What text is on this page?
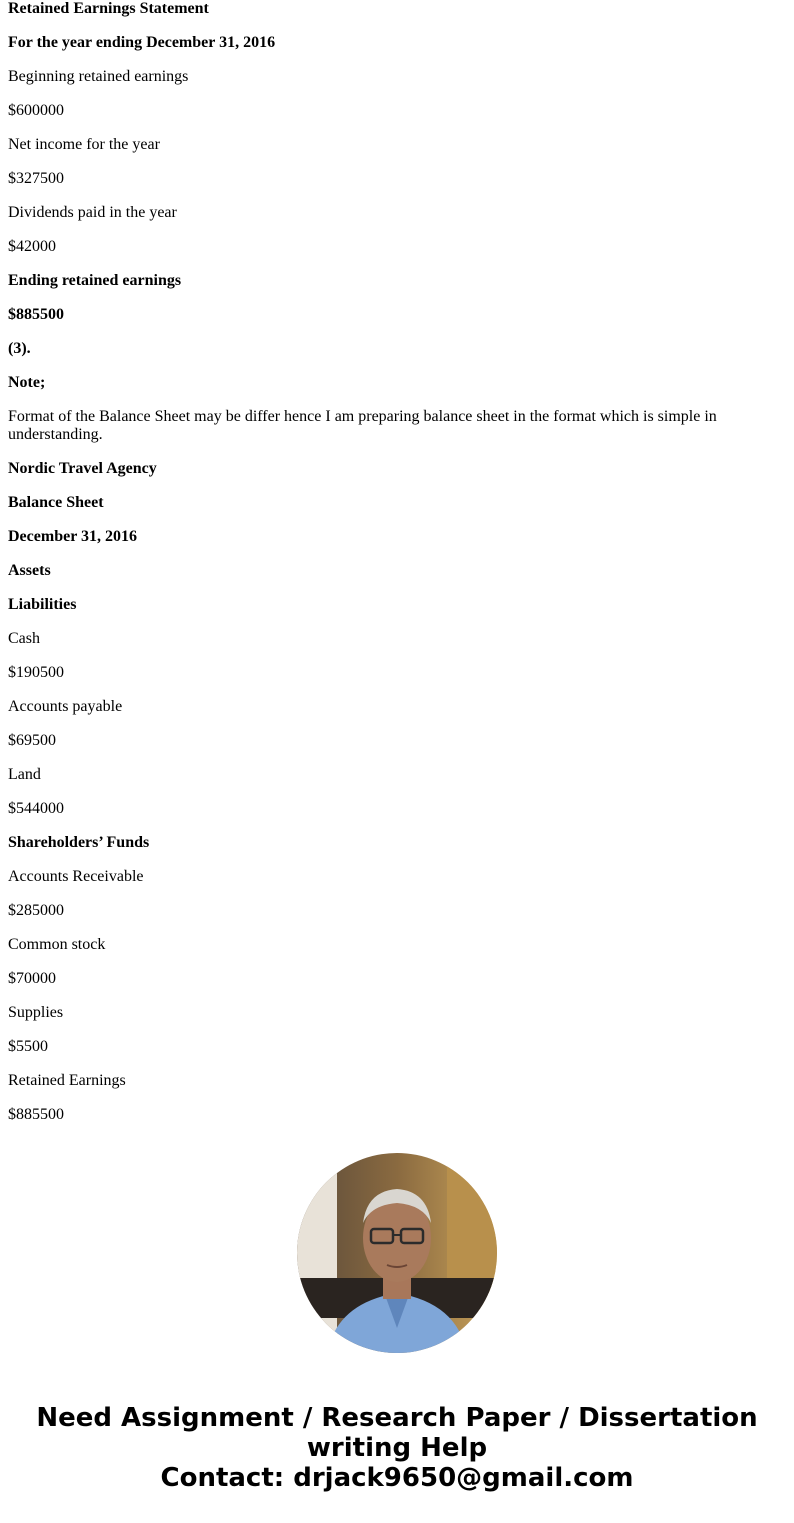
Retained Earnings Statement

For the year ending December 31, 2016

Beginning retained earnings

$600000

Net income for the year

$327500

Dividends paid in the year

$42000

Ending retained earnings

$885500

(3).

Note;

Format of the Balance Sheet may be differ hence I am preparing balance sheet in the format which is simple in understanding.

Nordic Travel Agency

Balance Sheet

December 31, 2016

Assets

Liabilities

Cash

$190500

Accounts payable

$69500

Land

$544000

Shareholders’ Funds

Accounts Receivable

$285000

Common stock

$70000

Supplies

$5500

Retained Earnings

$885500

Need Assignment / Research Paper / Dissertation
writing Help
Contact: drjack9650@gmail.com
